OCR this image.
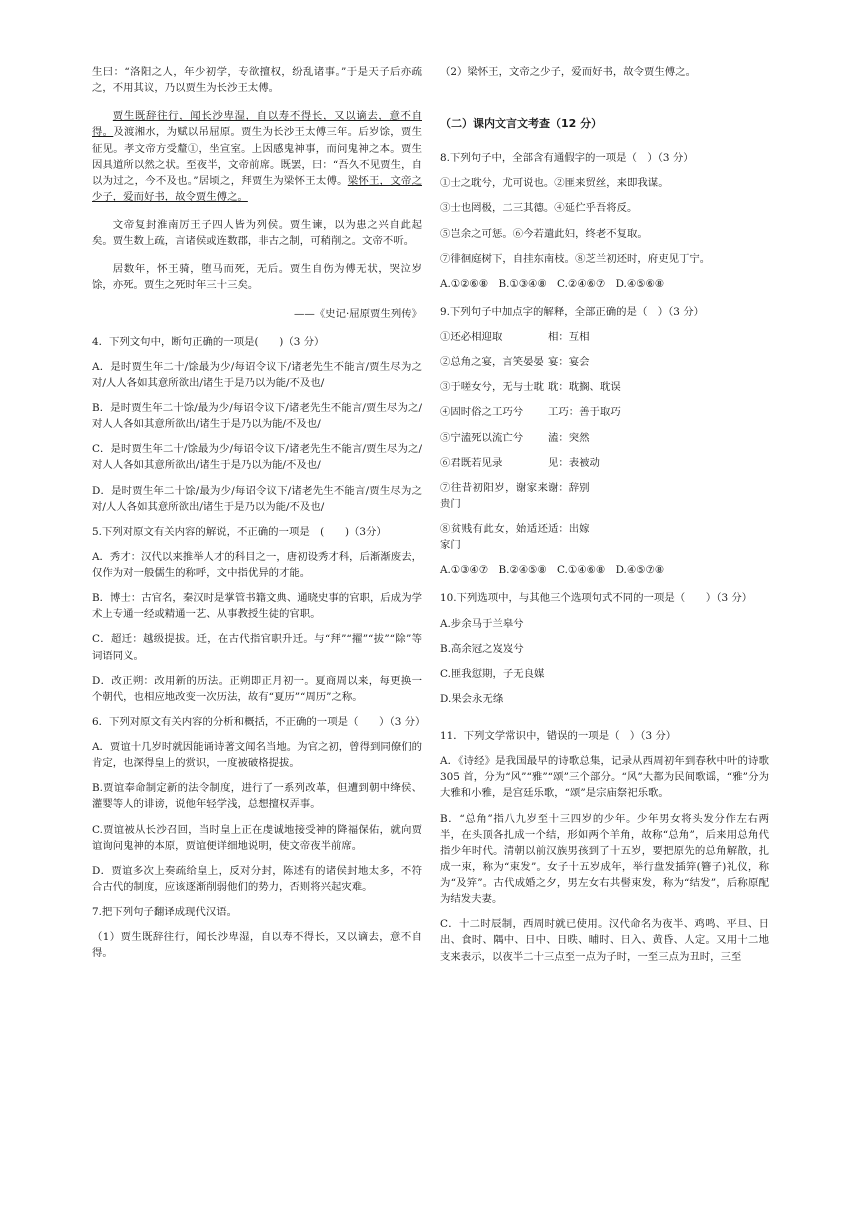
生曰：“洛阳之人，年少初学，专欲擅权，纷乱诸事。”于是天子后亦疏之，不用其议，乃以贾生为长沙王太傅。

贾生既辞往行，闻长沙卑湿，自以寿不得长，又以谪去，意不自得。及渡湘水，为赋以吊屈原。贾生为长沙王太傅三年。后岁馀，贾生征见。孝文帝方受釐①，坐宣室。上因感鬼神事，而问鬼神之本。贾生因具道所以然之状。至夜半，文帝前席。既罢，曰：“吾久不见贾生，自以为过之，今不及也。”居顷之，拜贾生为梁怀王太傅。梁怀王，文帝之少子，爱而好书，故令贾生傅之。

文帝复封淮南厉王子四人皆为列侯。贾生谏，以为患之兴自此起矣。贾生数上疏，言诸侯或连数郡，非古之制，可稍削之。文帝不听。

居数年，怀王骑，堕马而死，无后。贾生自伤为傅无状，哭泣岁馀，亦死。贾生之死时年三十三矣。

——《史记·屈原贾生列传》

4．下列文句中，断句正确的一项是(　　)（3 分）

A．是时贾生年二十/馀最为少/每诏令议下/诸老先生不能言/贾生尽为之对/人人各如其意所欲出/诸生于是乃以为能/不及也/

B．是时贾生年二十馀/最为少/每诏令议下/诸老先生不能言/贾生尽为之/对人人各如其意所欲出/诸生于是乃以为能/不及也/

C．是时贾生年二十/馀最为少/每诏令议下/诸老先生不能言/贾生尽为之/对人人各如其意所欲出/诸生于是乃以为能/不及也/

D．是时贾生年二十馀/最为少/每诏令议下/诸老先生不能言/贾生尽为之对/人人各如其意所欲出/诸生于是乃以为能/不及也/

5.下列对原文有关内容的解说，不正确的一项是　(　　)（3分）

A．秀才：汉代以来推举人才的科目之一，唐初设秀才科，后渐渐废去，仅作为对一般儒生的称呼，文中指优异的才能。

B．博士：古官名，秦汉时是掌管书籍文典、通晓史事的官职，后成为学术上专通一经或精通一艺、从事教授生徒的官职。

C．超迁：越级提拔。迁，在古代指官职升迁。与“拜”“擢”“拔”“除”等词语同义。

D．改正朔：改用新的历法。正朔即正月初一。夏商周以来，每更换一个朝代，也相应地改变一次历法，故有“夏历”“周历”之称。

6．下列对原文有关内容的分析和概括，不正确的一项是（　　）（3 分）

A．贾谊十几岁时就因能诵诗著文闻名当地。为官之初，曾得到同僚们的肯定，也深得皇上的赏识，一度被破格提拔。

B.贾谊奉命制定新的法令制度，进行了一系列改革，但遭到朝中绛侯、灌婴等人的诽谤，说他年轻学浅，总想擅权弄事。

C.贾谊被从长沙召回，当时皇上正在虔诚地接受神的降福保佑，就向贾谊询问鬼神的本原，贾谊便详细地说明，使文帝夜半前席。

D．贾谊多次上奏疏给皇上，反对分封，陈述有的诸侯封地太多，不符合古代的制度，应该逐渐削弱他们的势力，否则将兴起灾难。

7.把下列句子翻译成现代汉语。

（1）贾生既辞往行，闻长沙卑湿，自以寿不得长，又以谪去，意不自得。

（2）梁怀王，文帝之少子，爱而好书，故令贾生傅之。

（二）课内文言文考查（12 分）

8.下列句子中，全部含有通假字的一项是（　）（3 分）

①士之耽兮，尤可说也。②匪来贸丝，来即我谋。

③士也罔极，二三其德。④延伫乎吾将反。

⑤岂余之可惩。⑥今若遣此妇，终老不复取。

⑦徘徊庭树下，自挂东南枝。⑧芝兰初还时，府吏见丁宁。

A.①②⑥⑧　B.①③④⑧　C.②④⑥⑦　D.④⑤⑥⑧

9.下列句子中加点字的解释，全部正确的是（　）（3 分）

①还必相迎取	相：互相

②总角之宴，言笑晏晏 宴：宴会

③于嗟女兮，无与士耽 耽：耽搁、耽误

④固时俗之工巧兮	工巧：善于取巧

⑤宁溘死以流亡兮	溘：突然

⑥君既若见录	见：表被动

⑦往昔初阳岁，谢家来贵门
谢：辞别

⑧贫贱有此女，始适还家门
适：出嫁

A.①③④⑦　B.②④⑤⑧　C.①④⑥⑧　D.④⑤⑦⑧

10.下列选项中，与其他三个选项句式不同的一项是（　　）（3 分）

A.步余马于兰皋兮

B.高余冠之岌岌兮

C.匪我愆期，子无良媒

D.果会永无绦

11．下列文学常识中，错误的一项是（　）（3 分）

A．《诗经》是我国最早的诗歌总集，记录从西周初年到春秋中叶的诗歌 305 首，分为“风”“雅”“颂”三个部分。“风”大都为民间歌谣，“雅”分为大雅和小雅，是宫廷乐歌，“颂”是宗庙祭祀乐歌。

B．“总角”指八九岁至十三四岁的少年。少年男女将头发分作左右两半，在头顶各扎成一个结，形如两个羊角，故称“总角”，后来用总角代指少年时代。清朝以前汉族男孩到了十五岁，要把原先的总角解散，扎成一束，称为“束发”。女子十五岁成年，举行盘发插笄(簪子)礼仪，称为“及笄”。古代成婚之夕，男左女右共髻束发，称为“结发”，后称原配为结发夫妻。

C．十二时辰制，西周时就已使用。汉代命名为夜半、鸡鸣、平旦、日出、食时、隅中、日中、日昳、晡时、日入、黄昏、人定。又用十二地支来表示，以夜半二十三点至一点为子时，一至三点为丑时，三至
